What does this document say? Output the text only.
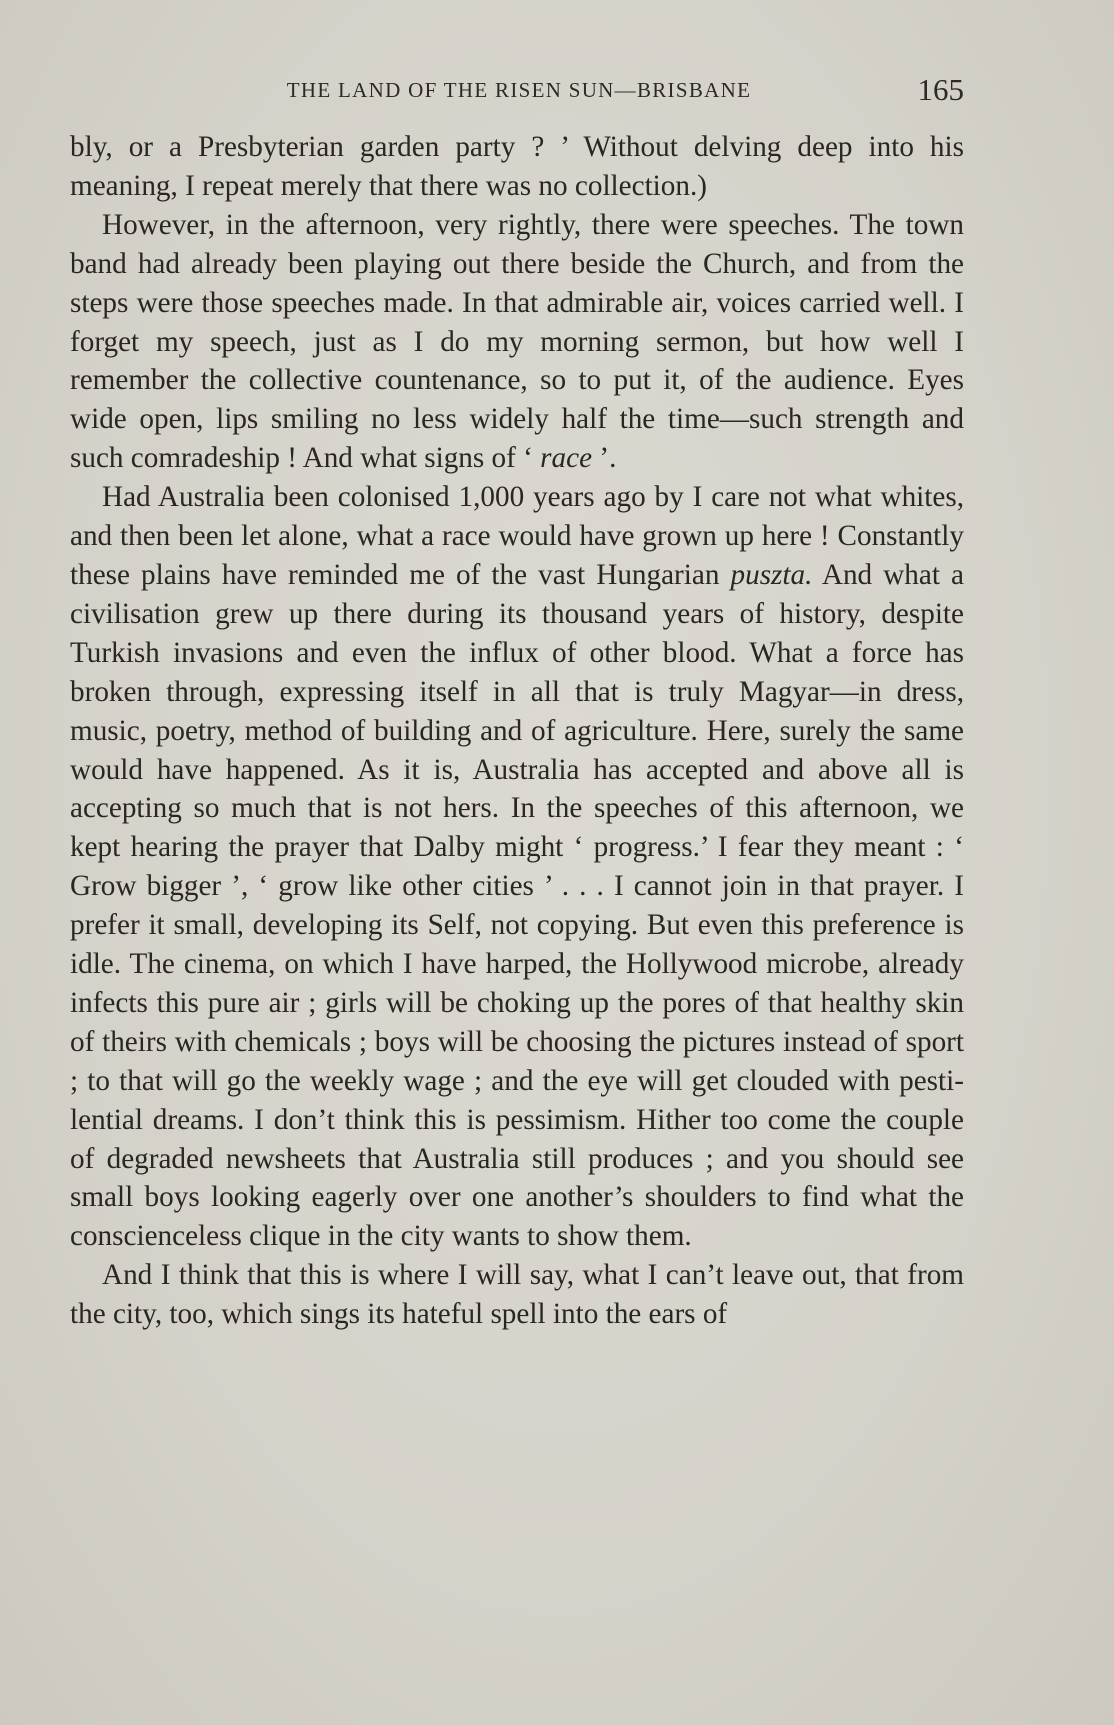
THE LAND OF THE RISEN SUN—BRISBANE	165

bly, or a Presbyterian garden party ? ’ Without delving deep into his meaning, I repeat merely that there was no collection.)

However, in the afternoon, very rightly, there were speeches. The town band had already been playing out there beside the Church, and from the steps were those speeches made. In that admirable air, voices carried well. I forget my speech, just as I do my morning sermon, but how well I remember the collective countenance, so to put it, of the audience. Eyes wide open, lips smiling no less widely half the time—such strength and such comradeship ! And what signs of ‘ race ’.

Had Australia been colonised 1,000 years ago by I care not what whites, and then been let alone, what a race would have grown up here ! Constantly these plains have reminded me of the vast Hungarian puszta. And what a civilisation grew up there during its thousand years of history, despite Turkish invasions and even the influx of other blood. What a force has broken through, expressing itself in all that is truly Magyar—in dress, music, poetry, method of building and of agriculture. Here, surely the same would have happened. As it is, Australia has accepted and above all is accepting so much that is not hers. In the speeches of this afternoon, we kept hearing the prayer that Dalby might ‘ progress.’ I fear they meant : ‘ Grow bigger ’, ‘ grow like other cities ’ . . . I cannot join in that prayer. I prefer it small, developing its Self, not copying. But even this preference is idle. The cinema, on which I have harped, the Hollywood microbe, already infects this pure air ; girls will be choking up the pores of that healthy skin of theirs with chemicals ; boys will be choosing the pictures instead of sport ; to that will go the weekly wage ; and the eye will get clouded with pestilential dreams. I don’t think this is pessimism. Hither too come the couple of degraded newsheets that Australia still produces ; and you should see small boys looking eagerly over one another’s shoulders to find what the conscienceless clique in the city wants to show them.

And I think that this is where I will say, what I can’t leave out, that from the city, too, which sings its hateful spell into the ears of
